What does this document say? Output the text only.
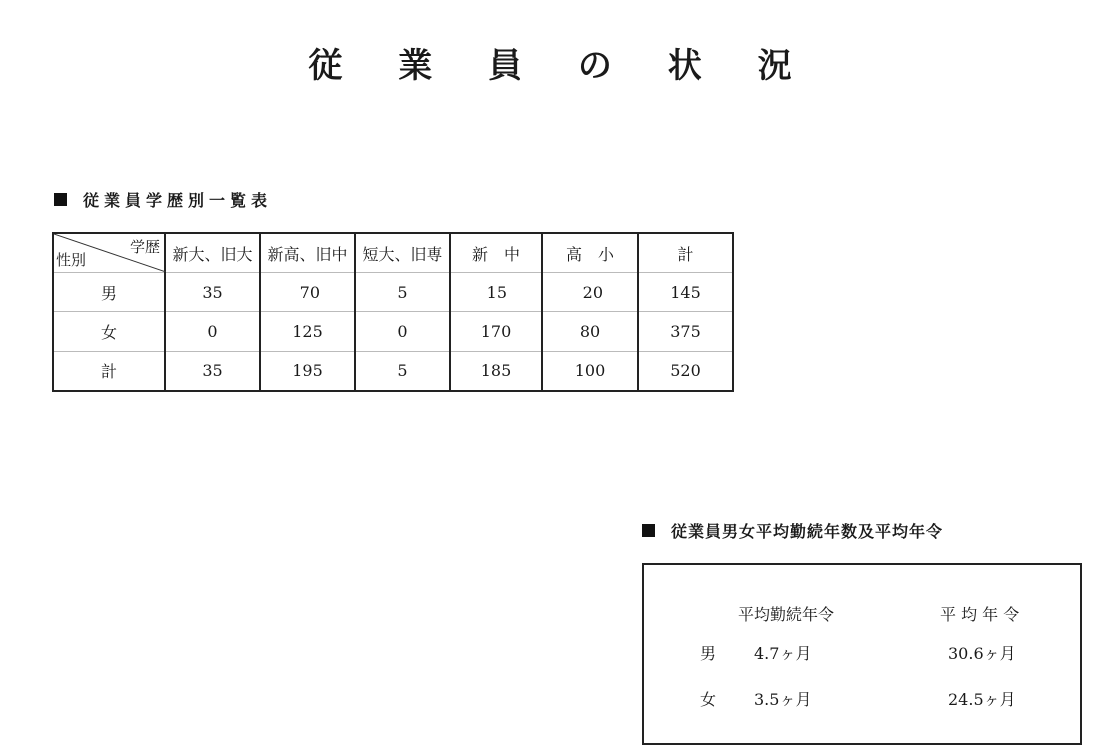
従 業 員 の 状 況
従業員学歴別一覧表
学歴
性別	新大、旧大	新高、旧中	短大、旧専	新　中	高　小	計
男	35	70	5	15	20	145
女	0	125	0	170	80	375
計	35	195	5	185	100	520
従業員男女平均勤続年数及平均年令
平均勤続年令	平 均 年 令
男 4.7ヶ月	30.6ヶ月
女 3.5ヶ月	24.5ヶ月
